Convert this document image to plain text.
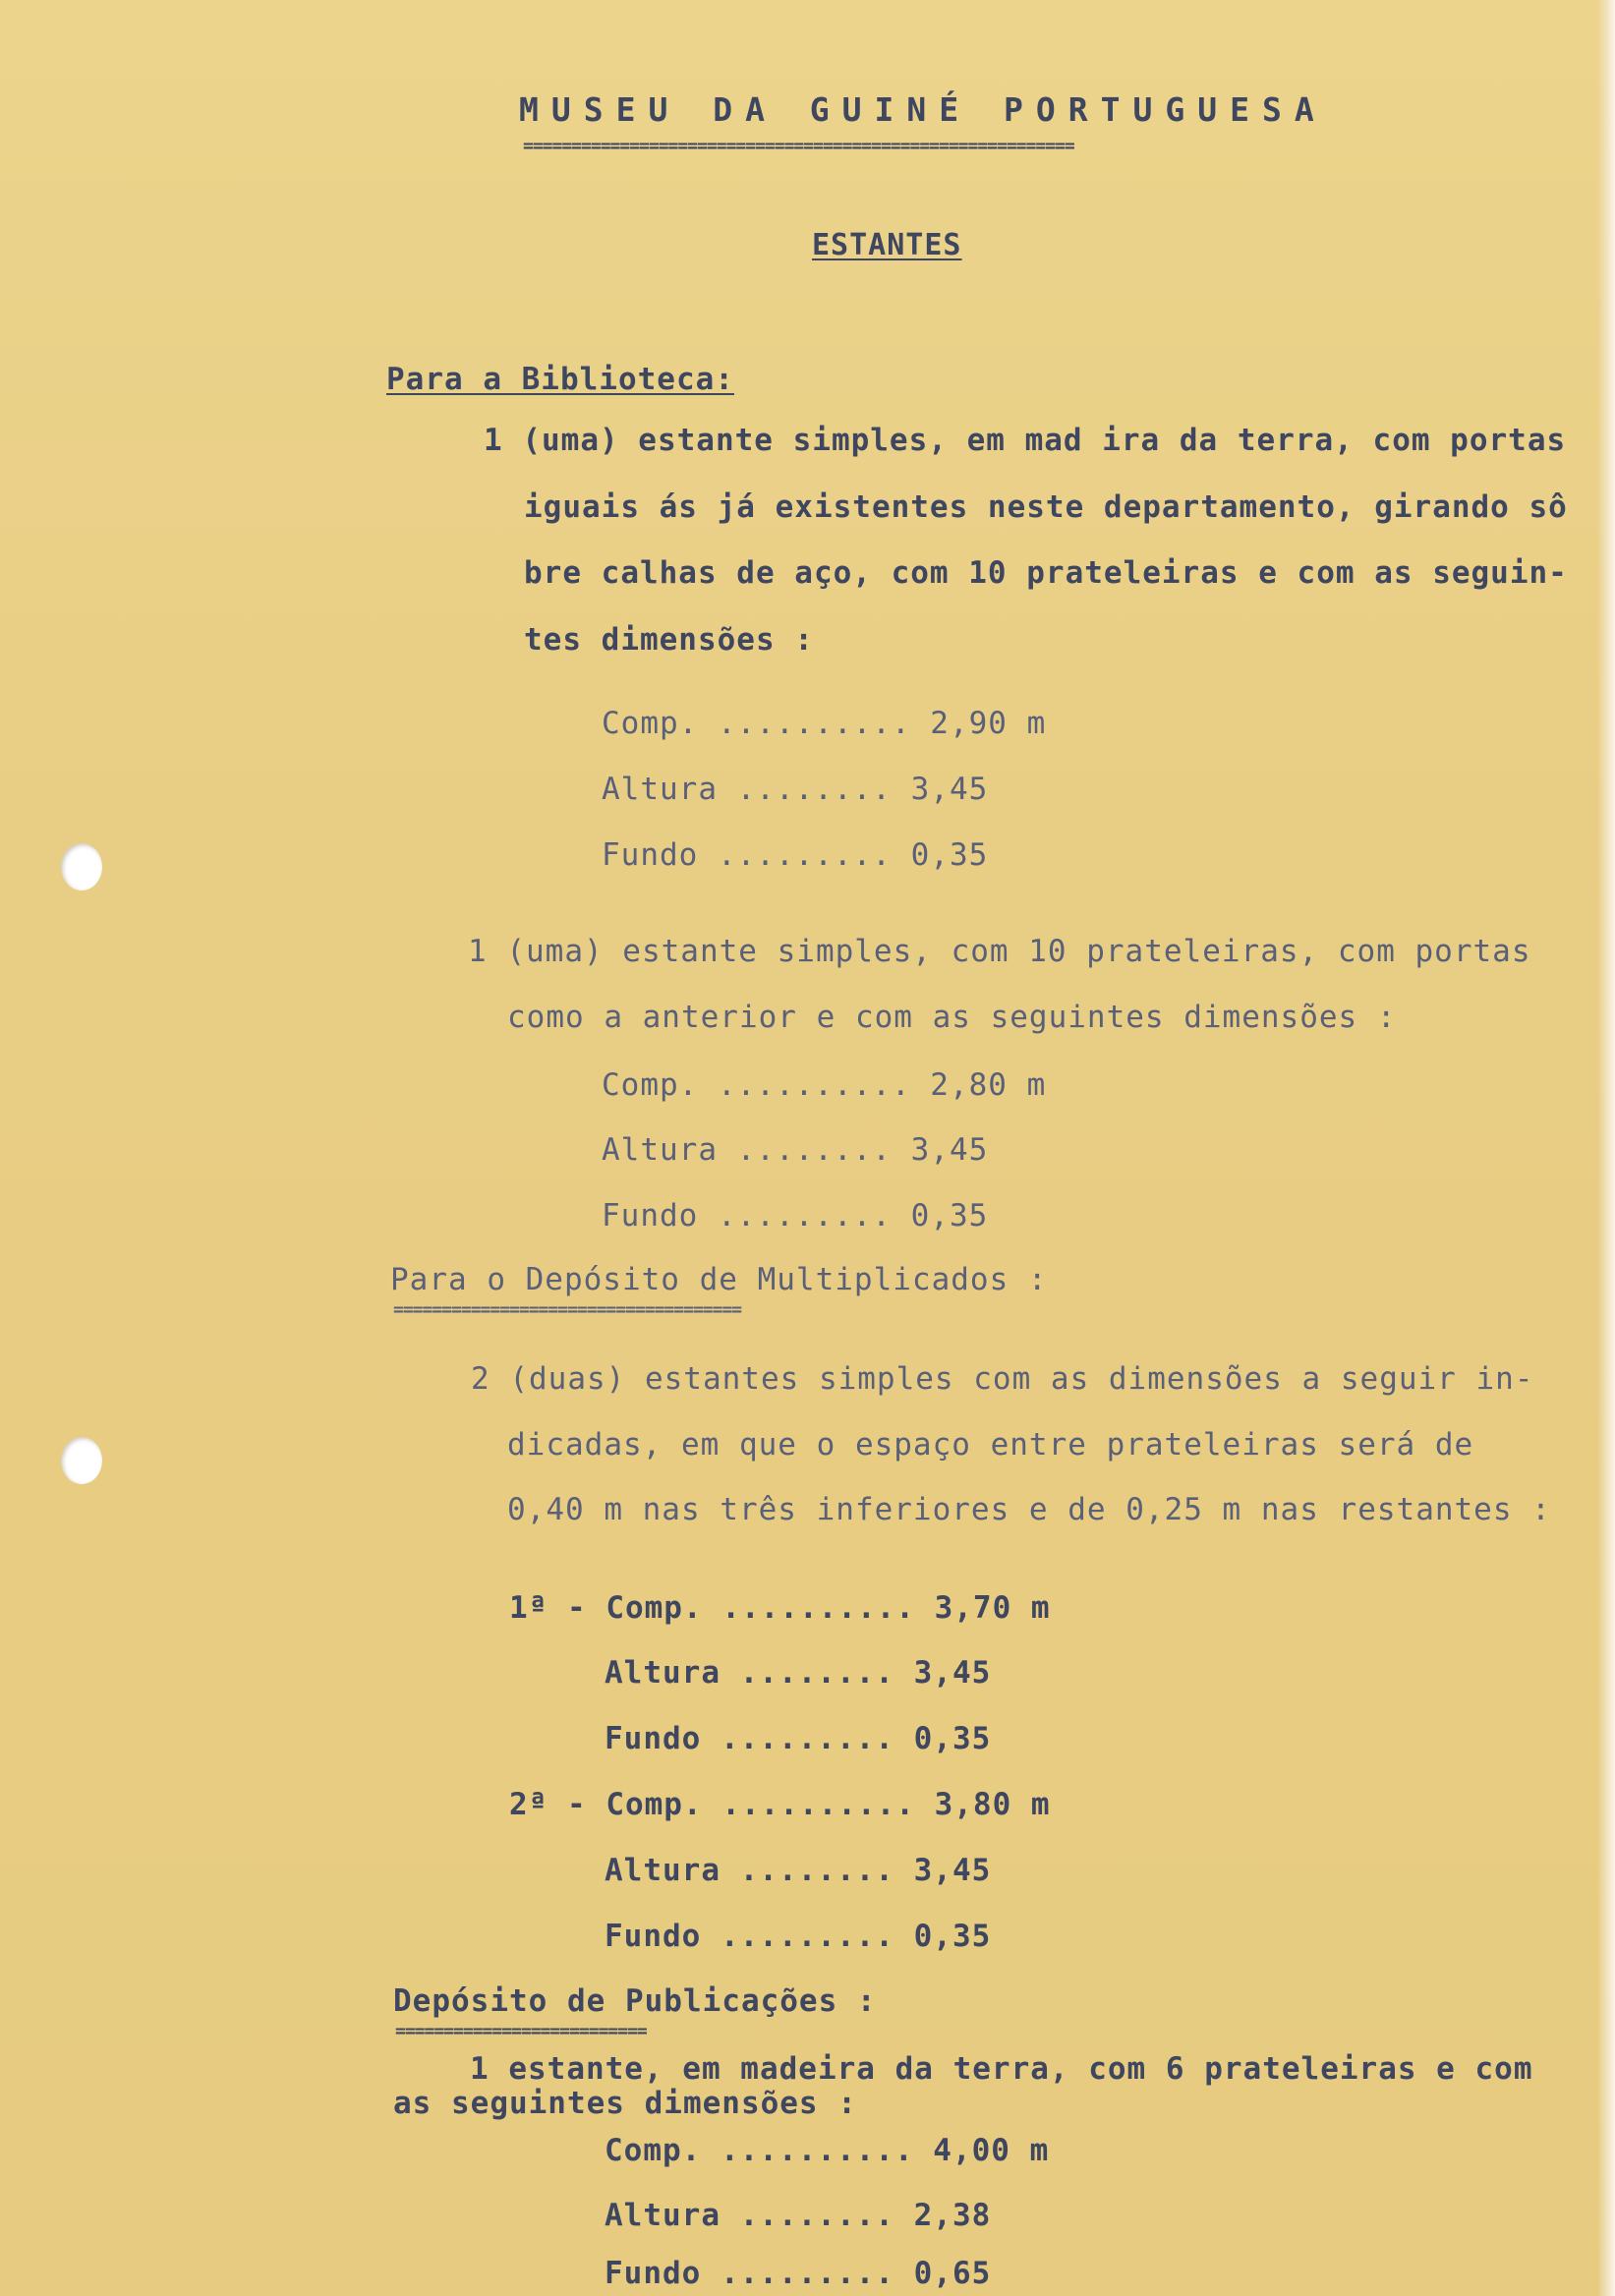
MUSEU DA GUINÉ PORTUGUESA
=========================================================
ESTANTES
Para a Biblioteca:
1 (uma) estante simples, em mad ira da terra, com portas
iguais ás já existentes neste departamento, girando sô
bre calhas de aço, com 10 prateleiras e com as seguin-
tes dimensões :
Comp. .......... 2,90 m
Altura ........ 3,45
Fundo ......... 0,35
1 (uma) estante simples, com 10 prateleiras, com portas
como a anterior e com as seguintes dimensões :
Comp. .......... 2,80 m
Altura ........ 3,45
Fundo ......... 0,35
Para o Depósito de Multiplicados :
====================================
2 (duas) estantes simples com as dimensões a seguir in-
dicadas, em que o espaço entre prateleiras será de
0,40 m nas três inferiores e de 0,25 m nas restantes :
1ª - Comp. .......... 3,70 m
Altura ........ 3,45
Fundo ......... 0,35
2ª - Comp. .......... 3,80 m
Altura ........ 3,45
Fundo ......... 0,35
Depósito de Publicações :
==========================
1 estante, em madeira da terra, com 6 prateleiras e com
as seguintes dimensões :
Comp. .......... 4,00 m
Altura ........ 2,38
Fundo ......... 0,65
